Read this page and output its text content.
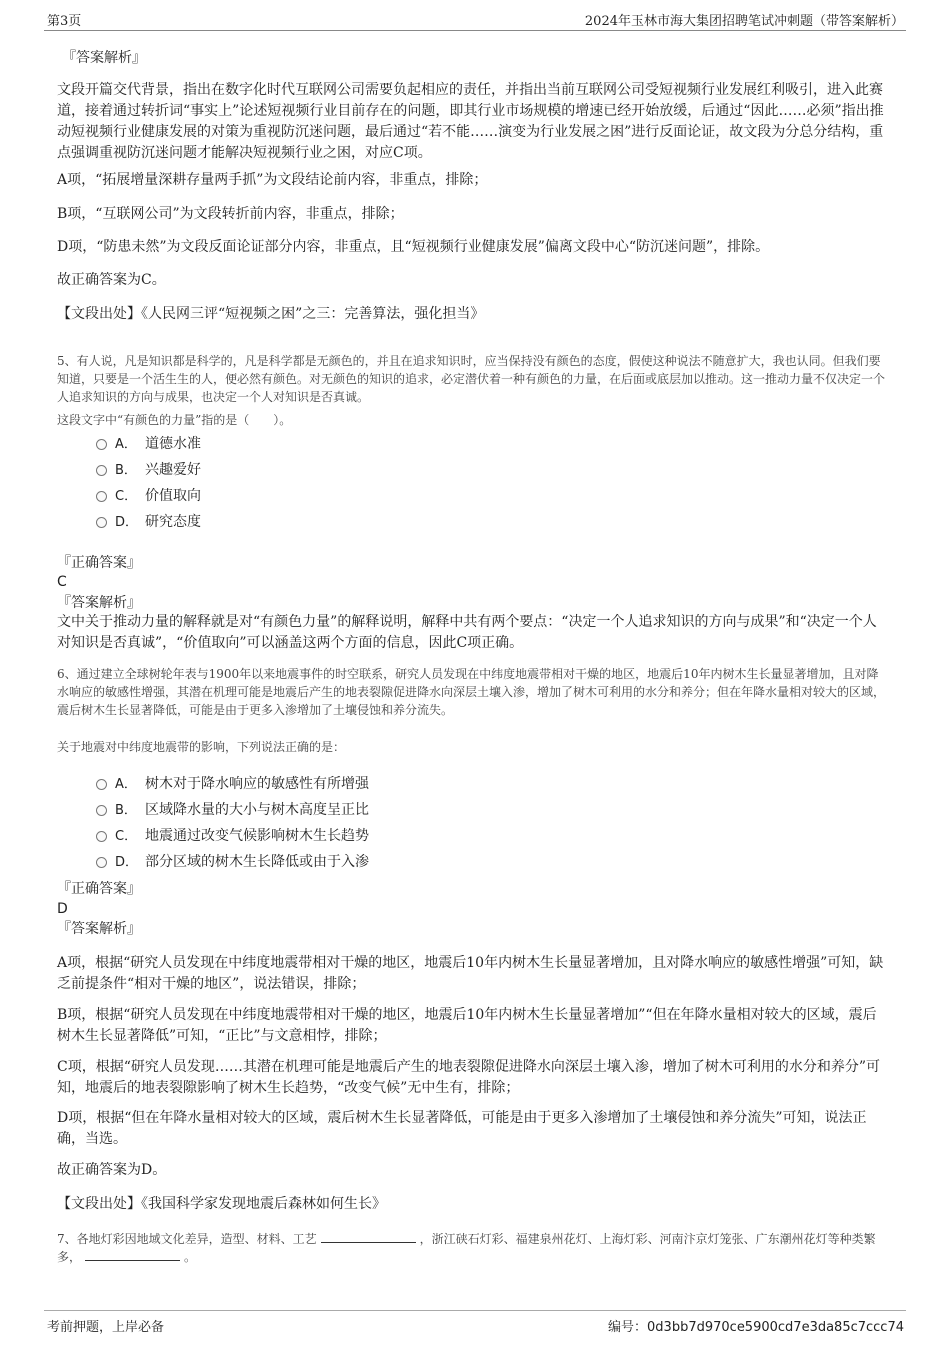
第3页	2024年玉林市海大集团招聘笔试冲刺题（带答案解析）
『答案解析』
文段开篇交代背景，指出在数字化时代互联网公司需要负起相应的责任，并指出当前互联网公司受短视频行业发展红利吸引，进入此赛道，接着通过转折词“事实上”论述短视频行业目前存在的问题，即其行业市场规模的增速已经开始放缓，后通过“因此……必须”指出推动短视频行业健康发展的对策为重视防沉迷问题，最后通过“若不能……演变为行业发展之困”进行反面论证，故文段为分总分结构，重点强调重视防沉迷问题才能解决短视频行业之困，对应C项。
A项，“拓展增量深耕存量两手抓”为文段结论前内容，非重点，排除；
B项，“互联网公司”为文段转折前内容，非重点，排除；
D项，“防患未然”为文段反面论证部分内容，非重点，且“短视频行业健康发展”偏离文段中心“防沉迷问题”，排除。
故正确答案为C。
【文段出处】《人民网三评“短视频之困”之三：完善算法，强化担当》
5、有人说，凡是知识都是科学的，凡是科学都是无颜色的，并且在追求知识时，应当保持没有颜色的态度，假使这种说法不随意扩大，我也认同。但我们要知道，只要是一个活生生的人，便必然有颜色。对无颜色的知识的追求，必定潜伏着一种有颜色的力量，在后面或底层加以推动。这一推动力量不仅决定一个人追求知识的方向与成果，也决定一个人对知识是否真诚。
这段文字中“有颜色的力量”指的是（　　）。
A． 道德水准
B． 兴趣爱好
C． 价值取向
D． 研究态度
『正确答案』
C
『答案解析』
文中关于推动力量的解释就是对“有颜色力量”的解释说明，解释中共有两个要点：“决定一个人追求知识的方向与成果”和“决定一个人对知识是否真诚”，“价值取向”可以涵盖这两个方面的信息，因此C项正确。
6、通过建立全球树轮年表与1900年以来地震事件的时空联系，研究人员发现在中纬度地震带相对干燥的地区，地震后10年内树木生长量显著增加，且对降水响应的敏感性增强，其潜在机理可能是地震后产生的地表裂隙促进降水向深层土壤入渗，增加了树木可利用的水分和养分；但在年降水量相对较大的区域，震后树木生长显著降低，可能是由于更多入渗增加了土壤侵蚀和养分流失。
关于地震对中纬度地震带的影响，下列说法正确的是：
A． 树木对于降水响应的敏感性有所增强
B． 区域降水量的大小与树木高度呈正比
C． 地震通过改变气候影响树木生长趋势
D． 部分区域的树木生长降低或由于入渗
『正确答案』
D
『答案解析』
A项，根据“研究人员发现在中纬度地震带相对干燥的地区，地震后10年内树木生长量显著增加，且对降水响应的敏感性增强”可知，缺乏前提条件“相对干燥的地区”，说法错误，排除；
B项，根据“研究人员发现在中纬度地震带相对干燥的地区，地震后10年内树木生长量显著增加”“但在年降水量相对较大的区域，震后树木生长显著降低”可知，“正比”与文意相悖，排除；
C项，根据“研究人员发现……其潜在机理可能是地震后产生的地表裂隙促进降水向深层土壤入渗，增加了树木可利用的水分和养分”可知，地震后的地表裂隙影响了树木生长趋势，“改变气候”无中生有，排除；
D项，根据“但在年降水量相对较大的区域，震后树木生长显著降低，可能是由于更多入渗增加了土壤侵蚀和养分流失”可知，说法正确，当选。
故正确答案为D。
【文段出处】《我国科学家发现地震后森林如何生长》
7、各地灯彩因地域文化差异，造型、材料、工艺	，浙江硖石灯彩、福建泉州花灯、上海灯彩、河南汴京灯笼张、广东潮州花灯等种类繁多，	。
考前押题，上岸必备	编号：0d3bb7d970ce5900cd7e3da85c7ccc74
